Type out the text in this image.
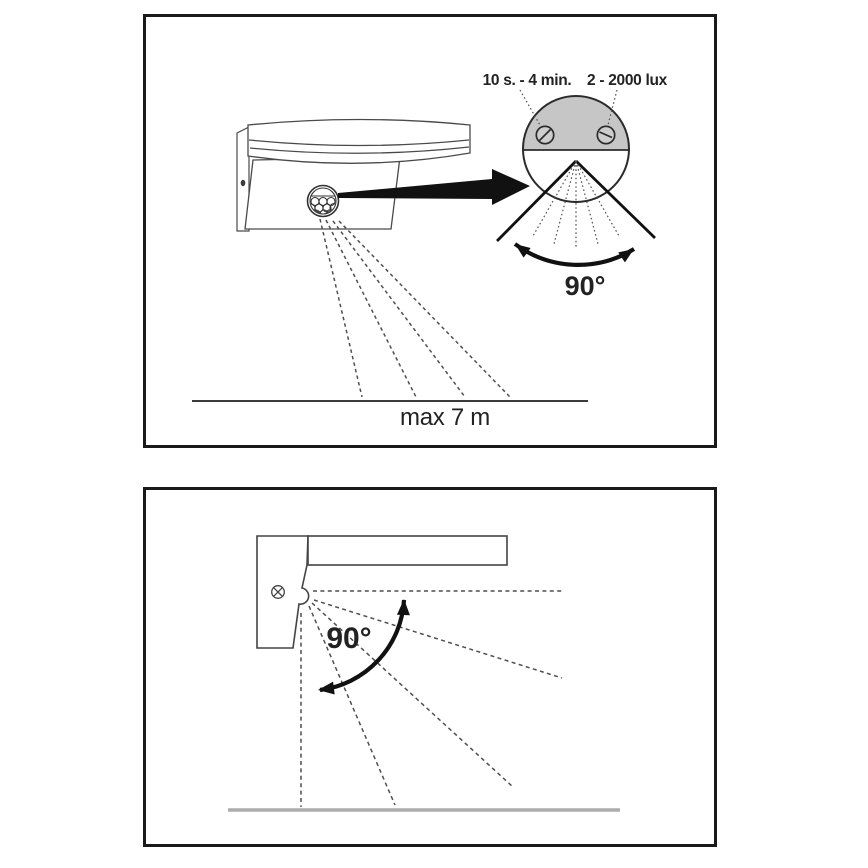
10 s. - 4 min. 2 - 2000 lux
90°
max 7 m
90°
